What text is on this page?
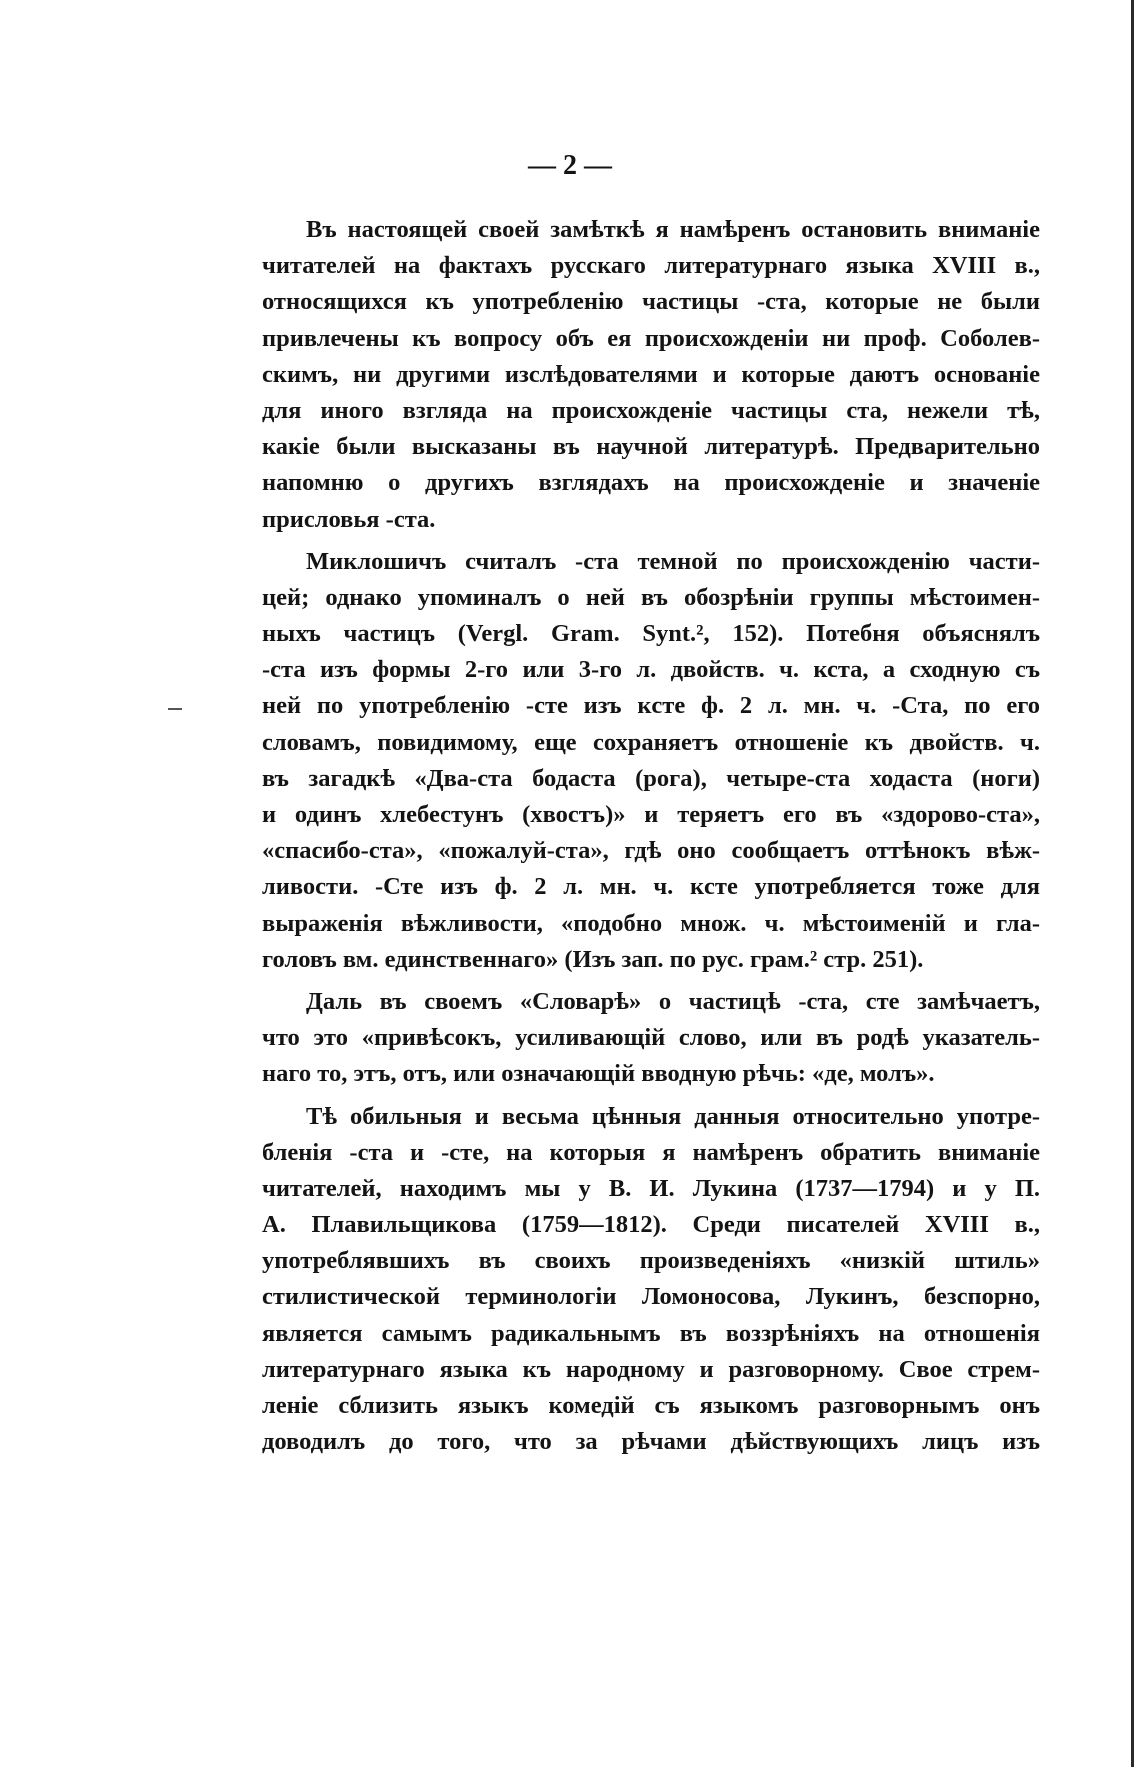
— 2 —
Въ настоящей своей замѣткѣ я намѣренъ остановить вниманіе
читателей на фактахъ русскаго литературнаго языка XVIII в.,
относящихся къ употребленію частицы -ста, которые не были
привлечены къ вопросу объ ея происхожденіи ни проф. Соболев-
скимъ, ни другими изслѣдователями и которые даютъ основаніе
для иного взгляда на происхожденіе частицы ста, нежели тѣ,
какіе были высказаны въ научной литературѣ. Предварительно
напомню о другихъ взглядахъ на происхожденіе и значеніе
присловья -ста.
Миклошичъ считалъ -ста темной по происхожденію части-
цей; однако упоминалъ о ней въ обозрѣніи группы мѣстоимен-
ныхъ частицъ (Vergl. Gram. Synt.², 152). Потебня объяснялъ
-ста изъ формы 2-го или 3-го л. двойств. ч. кста, а сходную съ
ней по употребленію -сте изъ кcте ф. 2 л. мн. ч. -Ста, по его
словамъ, повидимому, еще сохраняетъ отношеніе къ двойств. ч.
въ загадкѣ «Два-ста бодаста (рога), четыре-ста ходаста (ноги)
и одинъ хлебестунъ (хвостъ)» и теряетъ его въ «здорово-ста»,
«спасибо-ста», «пожалуй-ста», гдѣ оно сообщаетъ оттѣнокъ вѣж-
ливости. -Сте изъ ф. 2 л. мн. ч. кcте употребляется тоже для
выраженія вѣжливости, «подобно множ. ч. мѣстоименій и гла-
головъ вм. единственнаго» (Изъ зап. по рус. грам.² стр. 251).
Даль въ своемъ «Словарѣ» о частицѣ -ста, сте замѣчаетъ,
что это «привѣсокъ, усиливающій слово, или въ родѣ указатель-
наго то, этъ, отъ, или означающій вводную рѣчь: «де, молъ».
Тѣ обильныя и весьма цѣнныя данныя относительно употре-
бленія -ста и -сте, на которыя я намѣренъ обратить вниманіе
читателей, находимъ мы у В. И. Лукина (1737—1794) и у П.
А. Плавильщикова (1759—1812). Среди писателей XVIII в.,
употреблявшихъ въ своихъ произведеніяхъ «низкій штиль»
стилистической терминологіи Ломоносова, Лукинъ, безспорно,
является самымъ радикальнымъ въ воззрѣніяхъ на отношенія
литературнаго языка къ народному и разговорному. Свое стрем-
леніе сблизить языкъ комедій съ языкомъ разговорнымъ онъ
доводилъ до того, что за рѣчами дѣйствующихъ лицъ изъ
